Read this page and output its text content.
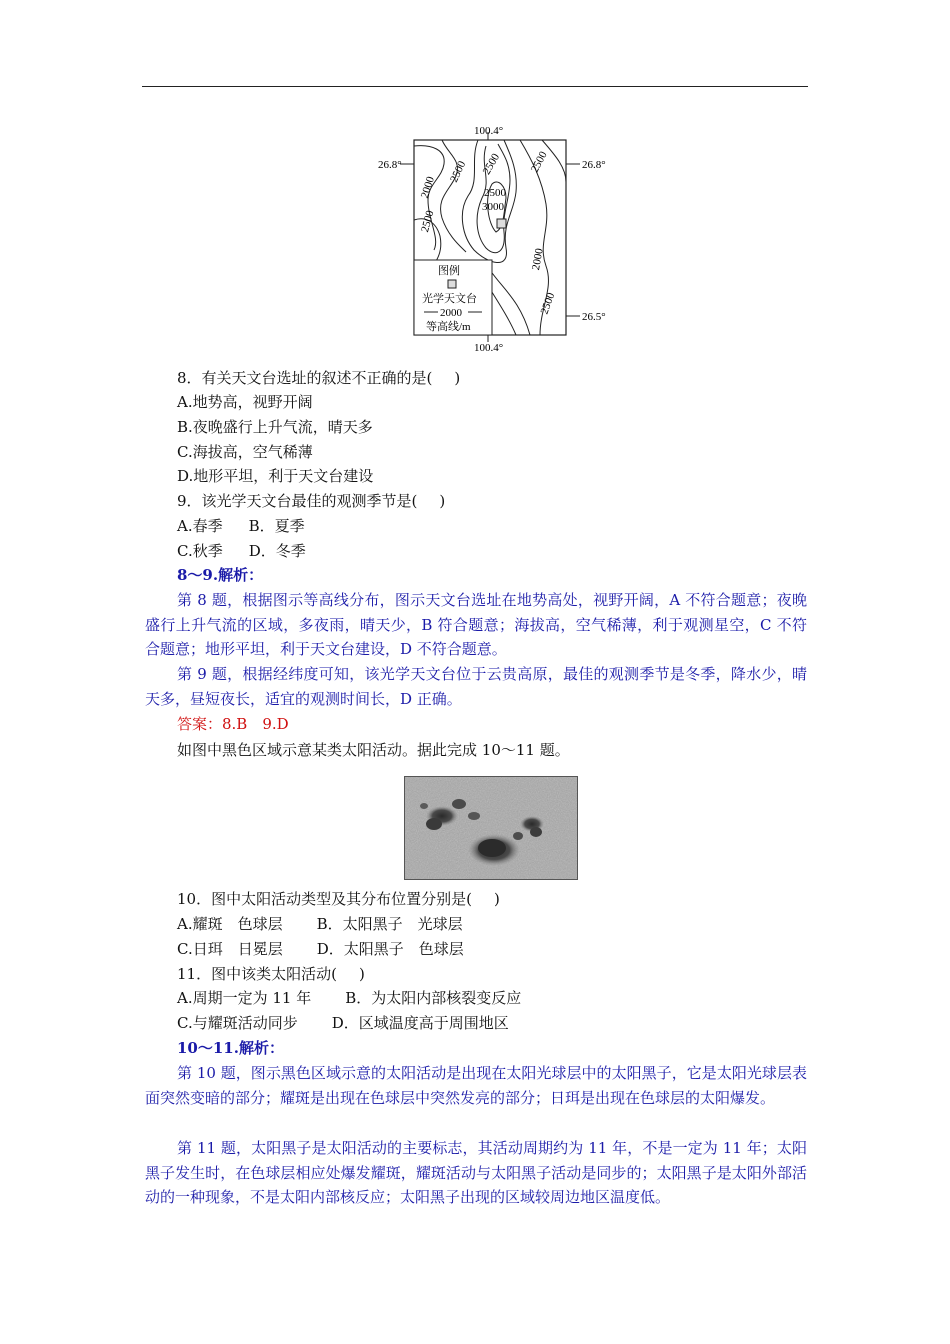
100.4°
100.4°
26.8°	26.8°
26.5°
2000
2500 2500 2500
2500
2500
3000
2000
2500
图例
光学天文台
2000
等高线/m
8．有关天文台选址的叙述不正确的是( )
A.地势高，视野开阔
B.夜晚盛行上升气流，晴天多
C.海拔高，空气稀薄
D.地形平坦，利于天文台建设
9．该光学天文台最佳的观测季节是( )
A.春季 B．夏季
C.秋季 D．冬季
8～9.解析：
第 8 题，根据图示等高线分布，图示天文台选址在地势高处，视野开阔，A 不符合题意；夜晚盛行上升气流的区域，多夜雨，晴天少，B 符合题意；海拔高，空气稀薄，利于观测星空，C 不符合题意；地形平坦，利于天文台建设，D 不符合题意。
第 9 题，根据经纬度可知，该光学天文台位于云贵高原，最佳的观测季节是冬季，降水少，晴天多，昼短夜长，适宜的观测时间长，D 正确。
答案：8.B　9.D
如图中黑色区域示意某类太阳活动。据此完成 10～11 题。
10．图中太阳活动类型及其分布位置分别是( )
A.耀斑　色球层 B．太阳黑子　光球层
C.日珥　日冕层 D．太阳黑子　色球层
11．图中该类太阳活动( )
A.周期一定为 11 年 B．为太阳内部核裂变反应
C.与耀斑活动同步 D．区域温度高于周围地区
10～11.解析：
第 10 题，图示黑色区域示意的太阳活动是出现在太阳光球层中的太阳黑子，它是太阳光球层表面突然变暗的部分；耀斑是出现在色球层中突然发亮的部分；日珥是出现在色球层的太阳爆发。
第 11 题，太阳黑子是太阳活动的主要标志，其活动周期约为 11 年，不是一定为 11 年；太阳黑子发生时，在色球层相应处爆发耀斑，耀斑活动与太阳黑子活动是同步的；太阳黑子是太阳外部活动的一种现象，不是太阳内部核反应；太阳黑子出现的区域较周边地区温度低。
